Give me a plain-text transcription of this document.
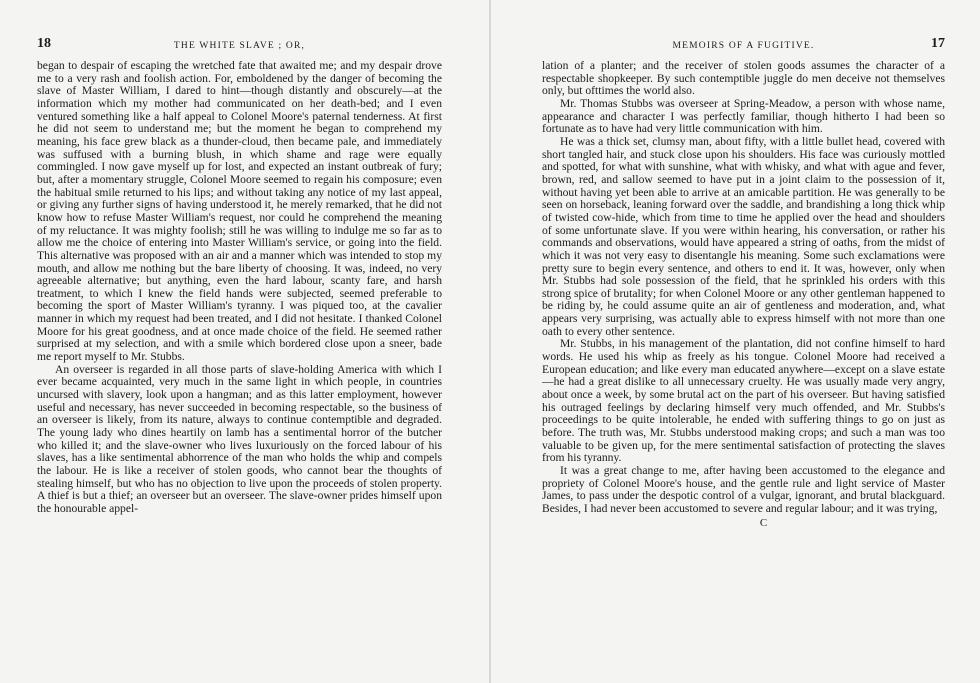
18	THE WHITE SLAVE ; OR,

began to despair of escaping the wretched fate that awaited me; and my despair drove me to a very rash and foolish action. For, emboldened by the danger of becoming the slave of Master William, I dared to hint—though distantly and obscurely—at the information which my mother had communicated on her death-bed; and I even ventured something like a half appeal to Colonel Moore's paternal tenderness. At first he did not seem to understand me; but the moment he began to comprehend my meaning, his face grew black as a thunder-cloud, then became pale, and immediately was suffused with a burning blush, in which shame and rage were equally commingled. I now gave myself up for lost, and expected an instant outbreak of fury; but, after a momentary struggle, Colonel Moore seemed to regain his composure; even the habitual smile returned to his lips; and without taking any notice of my last appeal, or giving any further signs of having understood it, he merely remarked, that he did not know how to refuse Master William's request, nor could he comprehend the meaning of my reluctance. It was mighty foolish; still he was willing to indulge me so far as to allow me the choice of entering into Master William's service, or going into the field. This alternative was proposed with an air and a manner which was intended to stop my mouth, and allow me nothing but the bare liberty of choosing. It was, indeed, no very agreeable alternative; but anything, even the hard labour, scanty fare, and harsh treatment, to which I knew the field hands were subjected, seemed preferable to becoming the sport of Master William's tyranny. I was piqued too, at the cavalier manner in which my request had been treated, and I did not hesitate. I thanked Colonel Moore for his great goodness, and at once made choice of the field. He seemed rather surprised at my selection, and with a smile which bordered close upon a sneer, bade me report myself to Mr. Stubbs.

An overseer is regarded in all those parts of slave-holding America with which I ever became acquainted, very much in the same light in which people, in countries uncursed with slavery, look upon a hangman; and as this latter employment, however useful and necessary, has never succeeded in becoming respectable, so the business of an overseer is likely, from its nature, always to continue contemptible and degraded. The young lady who dines heartily on lamb has a sentimental horror of the butcher who killed it; and the slave-owner who lives luxuriously on the forced labour of his slaves, has a like sentimental abhorrence of the man who holds the whip and compels the labour. He is like a receiver of stolen goods, who cannot bear the thoughts of stealing himself, but who has no objection to live upon the proceeds of stolen property. A thief is but a thief; an overseer but an overseer. The slave-owner prides himself upon the honourable appel-

MEMOIRS OF A FUGITIVE.	17

lation of a planter; and the receiver of stolen goods assumes the character of a respectable shopkeeper. By such contemptible juggle do men deceive not themselves only, but ofttimes the world also.

Mr. Thomas Stubbs was overseer at Spring-Meadow, a person with whose name, appearance and character I was perfectly familiar, though hitherto I had been so fortunate as to have had very little communication with him.

He was a thick set, clumsy man, about fifty, with a little bullet head, covered with short tangled hair, and stuck close upon his shoulders. His face was curiously mottled and spotted, for what with sunshine, what with whisky, and what with ague and fever, brown, red, and sallow seemed to have put in a joint claim to the possession of it, without having yet been able to arrive at an amicable partition. He was generally to be seen on horseback, leaning forward over the saddle, and brandishing a long thick whip of twisted cow-hide, which from time to time he applied over the head and shoulders of some unfortunate slave. If you were within hearing, his conversation, or rather his commands and observations, would have appeared a string of oaths, from the midst of which it was not very easy to disentangle his meaning. Some such exclamations were pretty sure to begin every sentence, and others to end it. It was, however, only when Mr. Stubbs had sole possession of the field, that he sprinkled his orders with this strong spice of brutality; for when Colonel Moore or any other gentleman happened to be riding by, he could assume quite an air of gentleness and moderation, and, what appears very surprising, was actually able to express himself with not more than one oath to every other sentence.

Mr. Stubbs, in his management of the plantation, did not confine himself to hard words. He used his whip as freely as his tongue. Colonel Moore had received a European education; and like every man educated anywhere—except on a slave estate—he had a great dislike to all unnecessary cruelty. He was usually made very angry, about once a week, by some brutal act on the part of his overseer. But having satisfied his outraged feelings by declaring himself very much offended, and Mr. Stubbs's proceedings to be quite intolerable, he ended with suffering things to go on just as before. The truth was, Mr. Stubbs understood making crops; and such a man was too valuable to be given up, for the mere sentimental satisfaction of protecting the slaves from his tyranny.

It was a great change to me, after having been accustomed to the elegance and propriety of Colonel Moore's house, and the gentle rule and light service of Master James, to pass under the despotic control of a vulgar, ignorant, and brutal blackguard. Besides, I had never been accustomed to severe and regular labour; and it was trying,

C
